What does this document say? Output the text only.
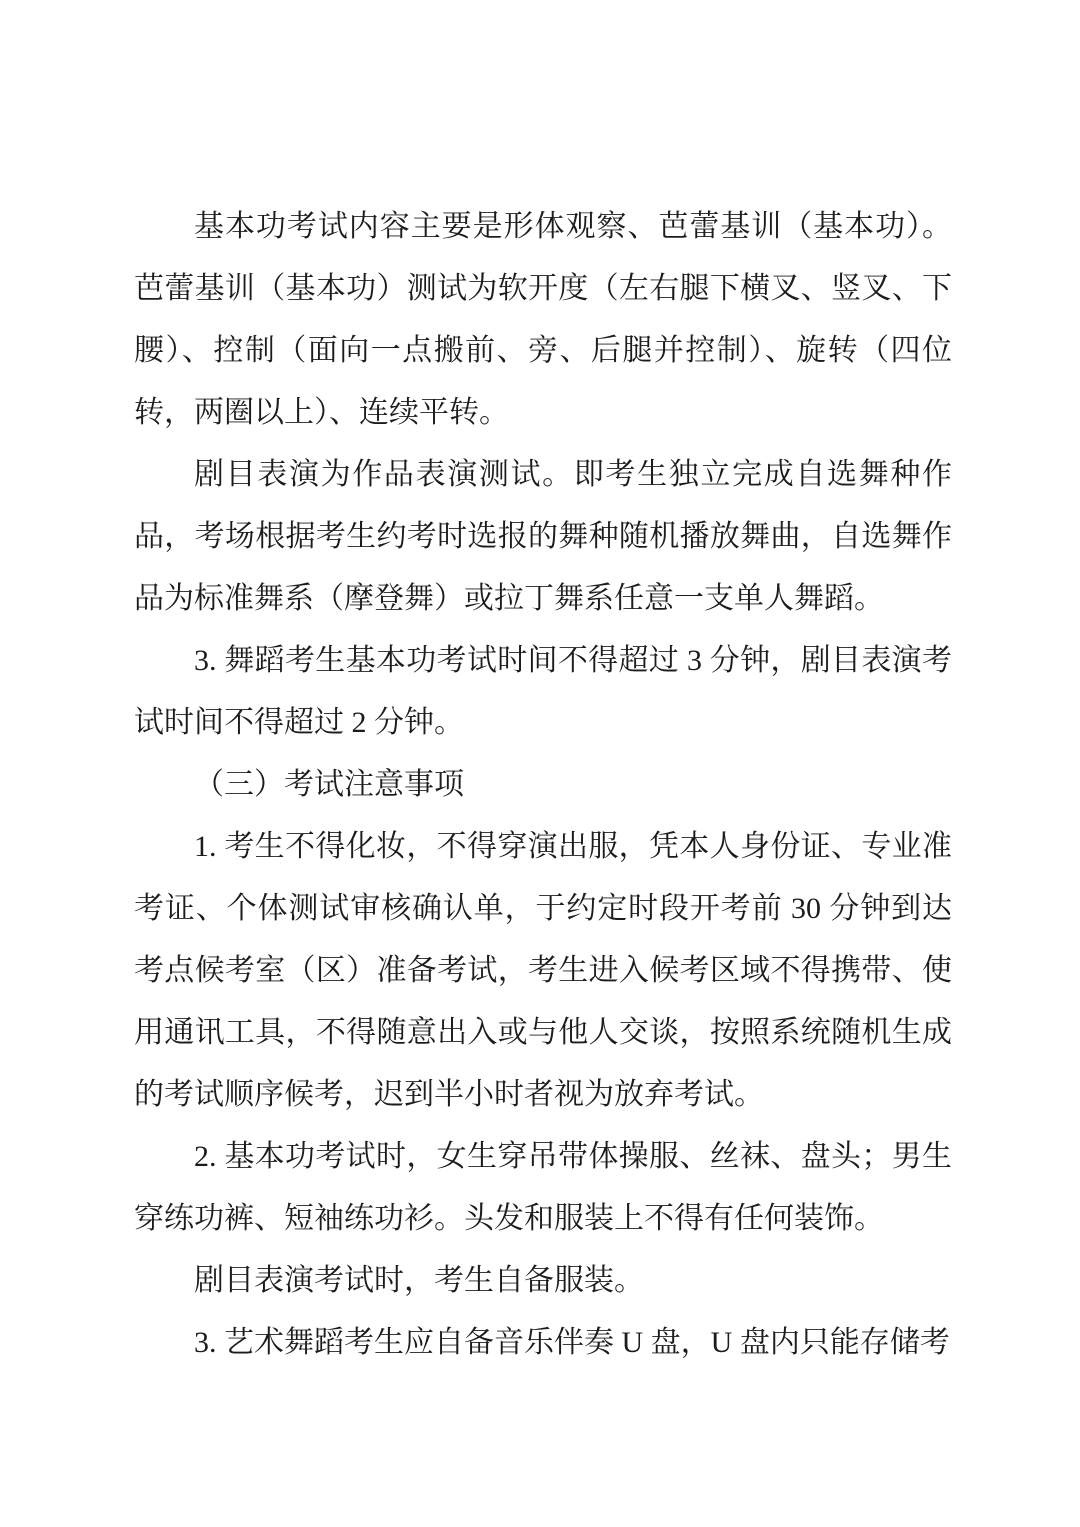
基本功考试内容主要是形体观察、芭蕾基训（基本功）。芭蕾基训（基本功）测试为软开度（左右腿下横叉、竖叉、下腰）、控制（面向一点搬前、旁、后腿并控制）、旋转（四位转，两圈以上）、连续平转。

剧目表演为作品表演测试。即考生独立完成自选舞种作品，考场根据考生约考时选报的舞种随机播放舞曲，自选舞作品为标准舞系（摩登舞）或拉丁舞系任意一支单人舞蹈。

3. 舞蹈考生基本功考试时间不得超过 3 分钟，剧目表演考试时间不得超过 2 分钟。

（三）考试注意事项

1. 考生不得化妆，不得穿演出服，凭本人身份证、专业准考证、个体测试审核确认单，于约定时段开考前 30 分钟到达考点候考室（区）准备考试，考生进入候考区域不得携带、使用通讯工具，不得随意出入或与他人交谈，按照系统随机生成的考试顺序候考，迟到半小时者视为放弃考试。

2. 基本功考试时，女生穿吊带体操服、丝袜、盘头；男生穿练功裤、短袖练功衫。头发和服装上不得有任何装饰。

剧目表演考试时，考生自备服装。

3. 艺术舞蹈考生应自备音乐伴奏 U 盘，U 盘内只能存储考
